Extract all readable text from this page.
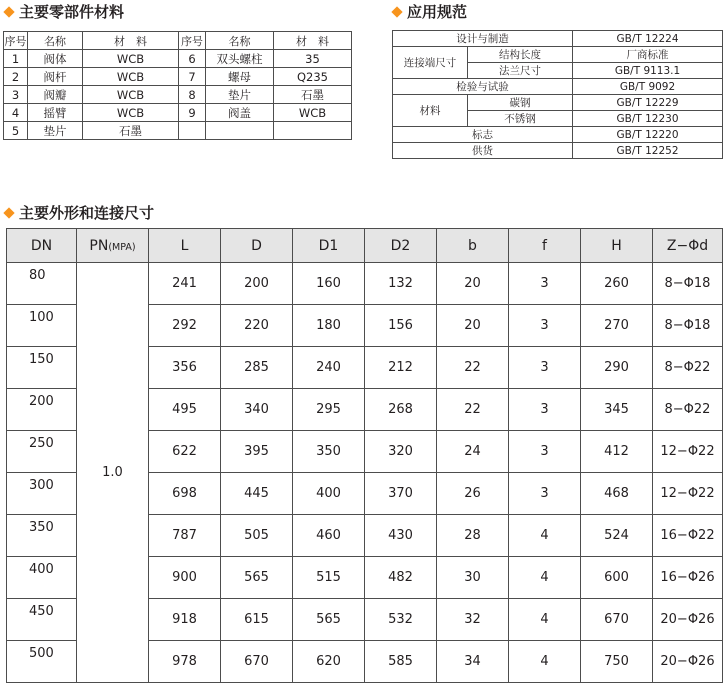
主要零部件材料
序号	名称	材　料	序号	名称	材　料
1	阀体	WCB	6	双头螺柱	35
2	阀杆	WCB	7	螺母	Q235
3	阀瓣	WCB	8	垫片	石墨
4	摇臂	WCB	9	阀盖	WCB
5	垫片	石墨			
应用规范
设计与制造		GB/T 12224
连接端尺寸	结构长度	厂商标准
	法兰尺寸	GB/T 9113.1
检验与试验		GB/T 9092
材料	碳钢	GB/T 12229
	不锈钢	GB/T 12230
标志		GB/T 12220
供货		GB/T 12252
主要外形和连接尺寸
DN	PN(MPA)	L	D	D1	D2	b	f	H	Z−Φd
80	1.0	241	200	160	132	20	3	260	8−Φ18
100		292	220	180	156	20	3	270	8−Φ18
150		356	285	240	212	22	3	290	8−Φ22
200		495	340	295	268	22	3	345	8−Φ22
250		622	395	350	320	24	3	412	12−Φ22
300		698	445	400	370	26	3	468	12−Φ22
350		787	505	460	430	28	4	524	16−Φ22
400		900	565	515	482	30	4	600	16−Φ26
450		918	615	565	532	32	4	670	20−Φ26
500		978	670	620	585	34	4	750	20−Φ26
